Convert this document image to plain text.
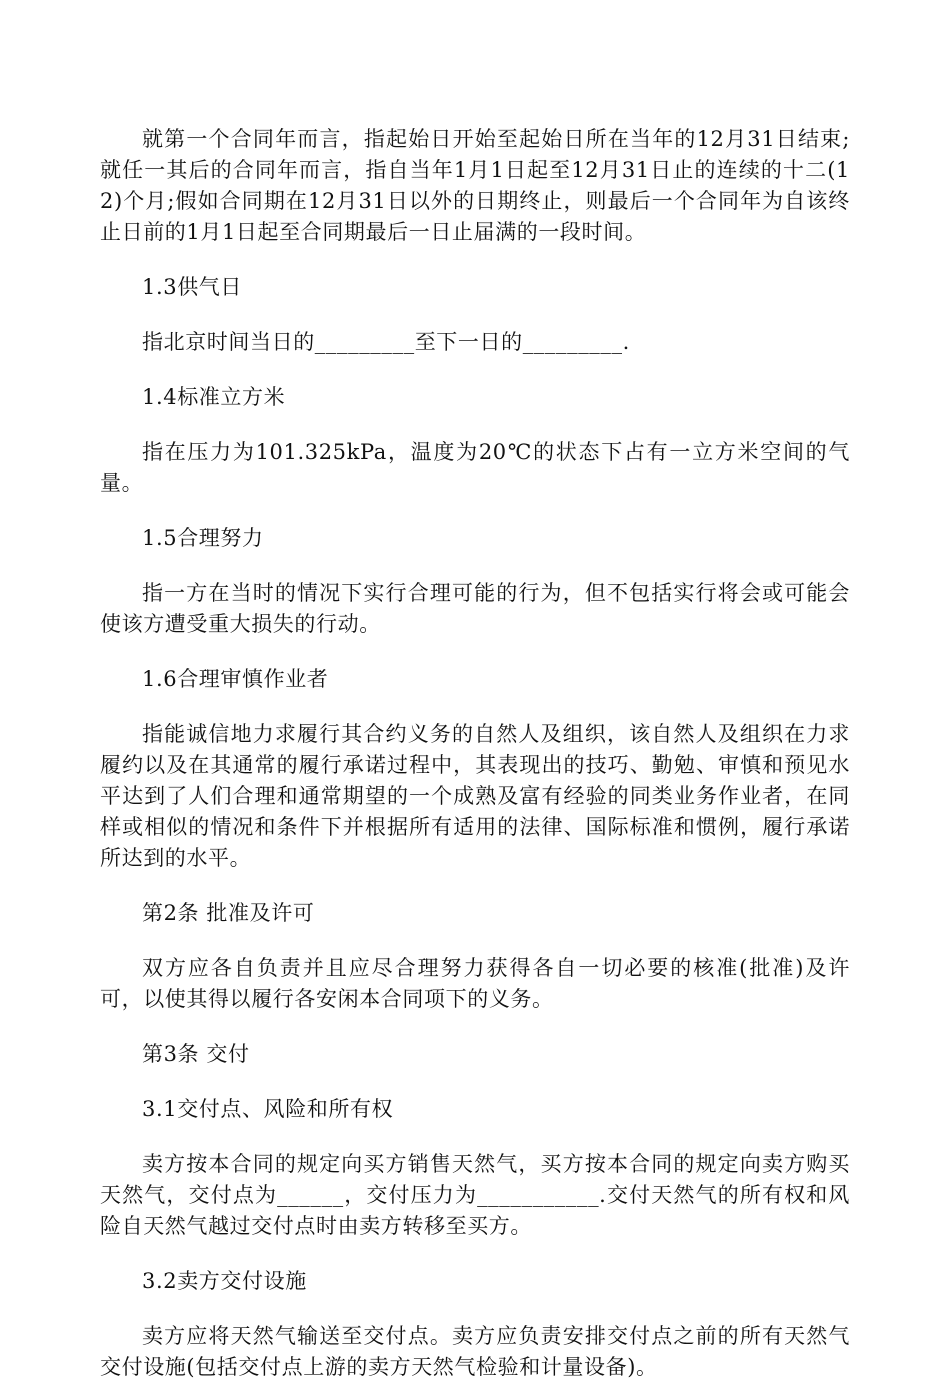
就第一个合同年而言，指起始日开始至起始日所在当年的12月31日结束;就任一其后的合同年而言，指自当年1月1日起至12月31日止的连续的十二(12)个月;假如合同期在12月31日以外的日期终止，则最后一个合同年为自该终止日前的1月1日起至合同期最后一日止届满的一段时间。

1.3供气日

指北京时间当日的_________至下一日的_________.

1.4标准立方米

指在压力为101.325kPa，温度为20℃的状态下占有一立方米空间的气量。

1.5合理努力

指一方在当时的情况下实行合理可能的行为，但不包括实行将会或可能会使该方遭受重大损失的行动。

1.6合理审慎作业者

指能诚信地力求履行其合约义务的自然人及组织，该自然人及组织在力求履约以及在其通常的履行承诺过程中，其表现出的技巧、勤勉、审慎和预见水平达到了人们合理和通常期望的一个成熟及富有经验的同类业务作业者，在同样或相似的情况和条件下并根据所有适用的法律、国际标准和惯例，履行承诺所达到的水平。

第2条 批准及许可

双方应各自负责并且应尽合理努力获得各自一切必要的核准(批准)及许可，以使其得以履行各安闲本合同项下的义务。

第3条 交付

3.1交付点、风险和所有权

卖方按本合同的规定向买方销售天然气，买方按本合同的规定向卖方购买天然气，交付点为______，交付压力为___________.交付天然气的所有权和风险自天然气越过交付点时由卖方转移至买方。

3.2卖方交付设施

卖方应将天然气输送至交付点。卖方应负责安排交付点之前的所有天然气交付设施(包括交付点上游的卖方天然气检验和计量设备)。
